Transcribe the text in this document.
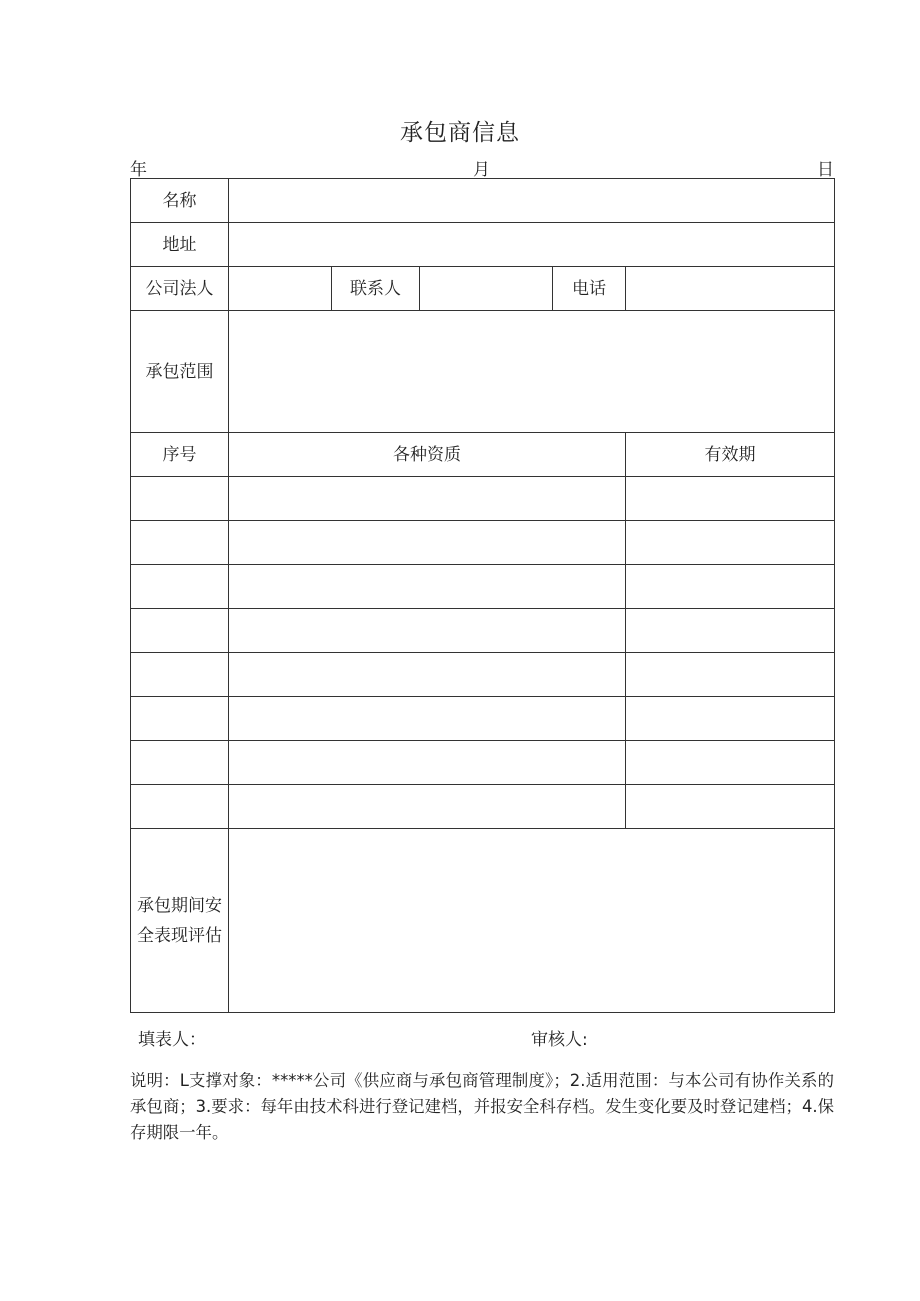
承包商信息
年	月	日
名称					
地址					
公司法人		联系人		电话	
承包范围					
序号	各种资质				有效期

承包期间安
全表现评估					

填表人：	审核人:

说明：L支撑对象：*****公司《供应商与承包商管理制度》；2.适用范围：与本公司有协作关系的承包商；3.要求：每年由技术科进行登记建档，并报安全科存档。发生变化要及时登记建档；4.保存期限一年。
